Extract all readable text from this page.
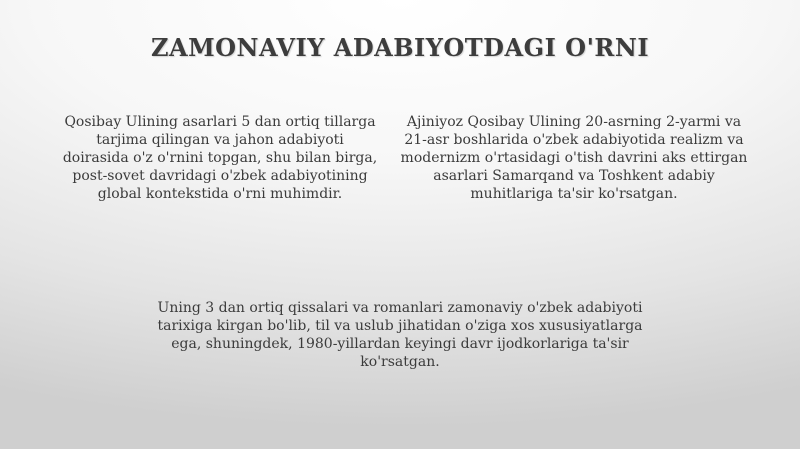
ZAMONAVIY ADABIYOTDAGI O'RNI
Qosibay Ulining asarlari 5 dan ortiq tillarga
tarjima qilingan va jahon adabiyoti
doirasida o'z o'rnini topgan, shu bilan birga,
post-sovet davridagi o'zbek adabiyotining
global kontekstida o'rni muhimdir.
Ajiniyoz Qosibay Ulining 20-asrning 2-yarmi va
21-asr boshlarida o'zbek adabiyotida realizm va
modernizm o'rtasidagi o'tish davrini aks ettirgan
asarlari Samarqand va Toshkent adabiy
muhitlariga ta'sir ko'rsatgan.
Uning 3 dan ortiq qissalari va romanlari zamonaviy o'zbek adabiyoti
tarixiga kirgan bo'lib, til va uslub jihatidan o'ziga xos xususiyatlarga
ega, shuningdek, 1980-yillardan keyingi davr ijodkorlariga ta'sir
ko'rsatgan.
